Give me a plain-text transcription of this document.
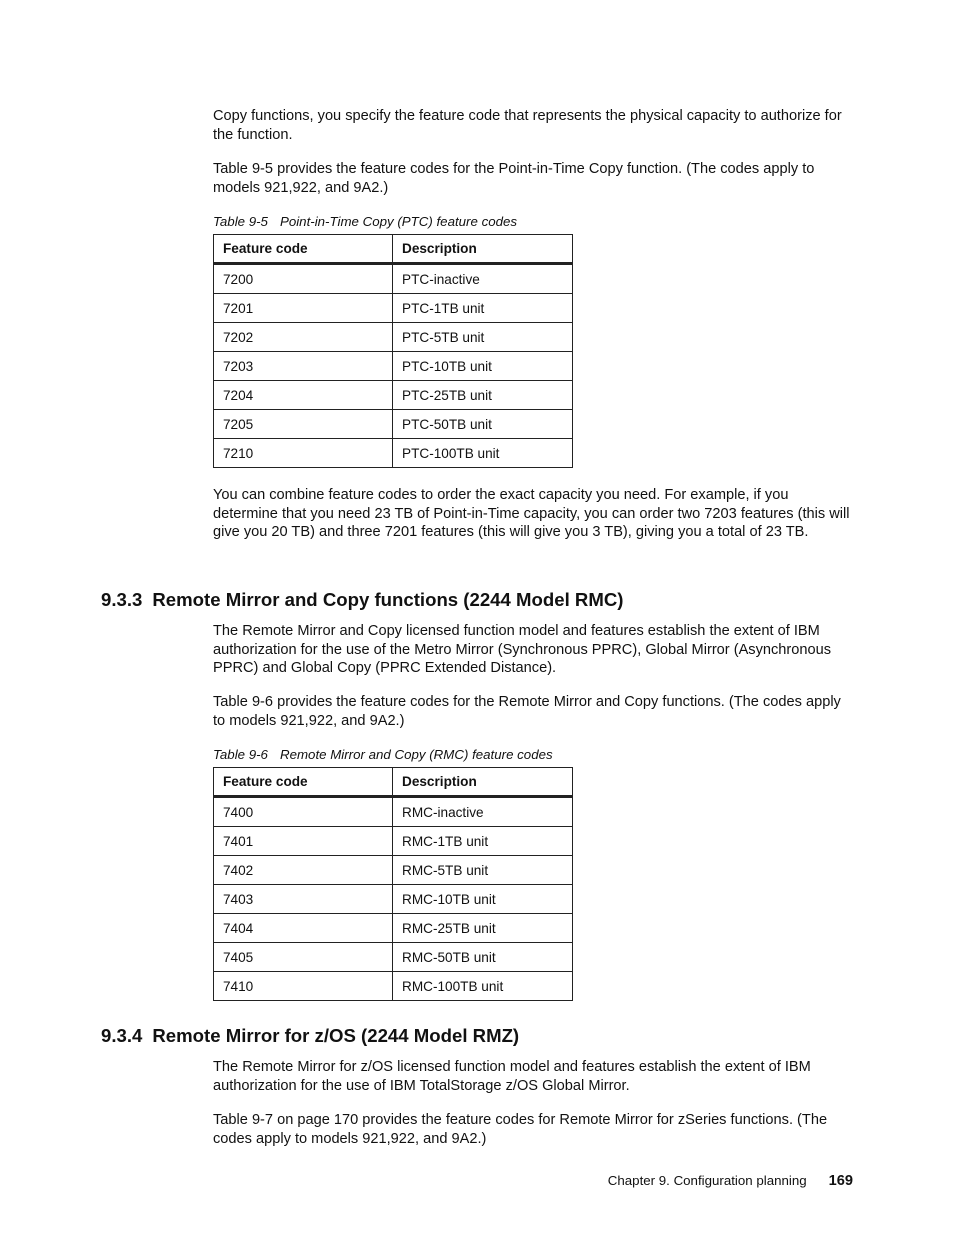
Copy functions, you specify the feature code that represents the physical capacity to authorize for the function.

Table 9-5 provides the feature codes for the Point-in-Time Copy function. (The codes apply to models 921,922, and 9A2.)

Table 9-5 Point-in-Time Copy (PTC) feature codes

Feature code	Description
7200	PTC-inactive
7201	PTC-1TB unit
7202	PTC-5TB unit
7203	PTC-10TB unit
7204	PTC-25TB unit
7205	PTC-50TB unit
7210	PTC-100TB unit

You can combine feature codes to order the exact capacity you need. For example, if you determine that you need 23 TB of Point-in-Time capacity, you can order two 7203 features (this will give you 20 TB) and three 7201 features (this will give you 3 TB), giving you a total of 23 TB.

9.3.3 Remote Mirror and Copy functions (2244 Model RMC)

The Remote Mirror and Copy licensed function model and features establish the extent of IBM authorization for the use of the Metro Mirror (Synchronous PPRC), Global Mirror (Asynchronous PPRC) and Global Copy (PPRC Extended Distance).

Table 9-6 provides the feature codes for the Remote Mirror and Copy functions. (The codes apply to models 921,922, and 9A2.)

Table 9-6 Remote Mirror and Copy (RMC) feature codes

Feature code	Description
7400	RMC-inactive
7401	RMC-1TB unit
7402	RMC-5TB unit
7403	RMC-10TB unit
7404	RMC-25TB unit
7405	RMC-50TB unit
7410	RMC-100TB unit
9.3.4 Remote Mirror for z/OS (2244 Model RMZ)

The Remote Mirror for z/OS licensed function model and features establish the extent of IBM authorization for the use of IBM TotalStorage z/OS Global Mirror.

Table 9-7 on page 170 provides the feature codes for Remote Mirror for zSeries functions. (The codes apply to models 921,922, and 9A2.)

Chapter 9. Configuration planning 169
